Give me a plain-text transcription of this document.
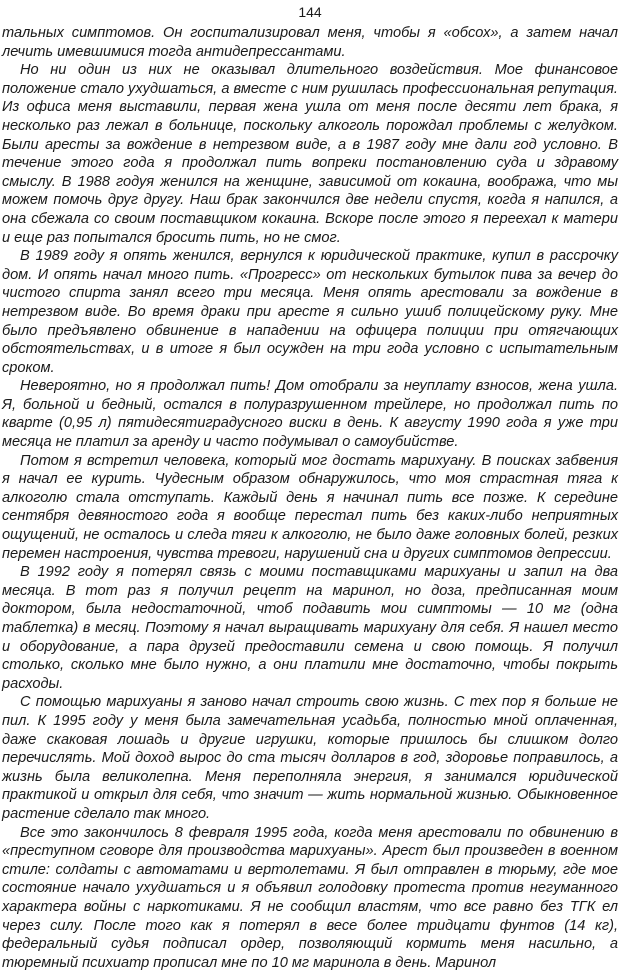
144

тальных симптомов. Он госпитализировал меня, чтобы я «обсох», а затем начал лечить имевшимися тогда антидепрессантами.

Но ни один из них не оказывал длительного воздействия. Мое финансовое положение стало ухудшаться, а вместе с ним рушилась профессиональная репутация. Из офиса меня выставили, первая жена ушла от меня после десяти лет брака, я несколько раз лежал в больнице, поскольку алкоголь порождал проблемы с желудком. Были аресты за вождение в нетрезвом виде, а в 1987 году мне дали год условно. В течение этого года я продолжал пить вопреки постановлению суда и здравому смыслу. В 1988 годуя женился на женщине, зависимой от кокаина, вообража, что мы можем помочь друг другу. Наш брак закончился две недели спустя, когда я напился, а она сбежала со своим поставщиком кокаина. Вскоре после этого я переехал к матери и еще раз попытался бросить пить, но не смог.

В 1989 году я опять женился, вернулся к юридической практике, купил в рассрочку дом. И опять начал много пить. «Прогресс» от нескольких бутылок пива за вечер до чистого спирта занял всего три месяца. Меня опять арестовали за вождение в нетрезвом виде. Во время драки при аресте я сильно ушиб полицейскому руку. Мне было предъявлено обвинение в нападении на офицера полиции при отягчающих обстоятельствах, и в итоге я был осужден на три года условно с испытательным сроком.

Невероятно, но я продолжал пить! Дом отобрали за неуплату взносов, жена ушла. Я, больной и бедный, остался в полуразрушенном трейлере, но продолжал пить по кварте (0,95 л) пятидесятиградусного виски в день. К августу 1990 года я уже три месяца не платил за аренду и часто подумывал о самоубийстве.

Потом я встретил человека, который мог достать марихуану. В поисках забвения я начал ее курить. Чудесным образом обнаружилось, что моя страстная тяга к алкоголю стала отступать. Каждый день я начинал пить все позже. К середине сентября девяностого года я вообще перестал пить без каких-либо неприятных ощущений, не осталось и следа тяги к алкоголю, не было даже головных болей, резких перемен настроения, чувства тревоги, нарушений сна и других симптомов депрессии.

В 1992 году я потерял связь с моими поставщиками марихуаны и запил на два месяца. В тот раз я получил рецепт на маринол, но доза, предписанная моим доктором, была недостаточной, чтоб подавить мои симптомы — 10 мг (одна таблетка) в месяц. Поэтому я начал выращивать марихуану для себя. Я нашел место и оборудование, а пара друзей предоставили семена и свою помощь. Я получил столько, сколько мне было нужно, а они платили мне достаточно, чтобы покрыть расходы.

С помощью марихуаны я заново начал строить свою жизнь. С тех пор я больше не пил. К 1995 году у меня была замечательная усадьба, полностью мной оплаченная, даже скаковая лошадь и другие игрушки, которые пришлось бы слишком долго перечислять. Мой доход вырос до ста тысяч долларов в год, здоровье поправилось, а жизнь была великолепна. Меня переполняла энергия, я занимался юридической практикой и открыл для себя, что значит — жить нормальной жизнью. Обыкновенное растение сделало так много.

Все это закончилось 8 февраля 1995 года, когда меня арестовали по обвинению в «преступном сговоре для производства марихуаны». Арест был произведен в военном стиле: солдаты с автоматами и вертолетами. Я был отправлен в тюрьму, где мое состояние начало ухудшаться и я объявил голодовку протеста против негуманного характера войны с наркотиками. Я не сообщил властям, что все равно без ТГК ел через силу. После того как я потерял в весе более тридцати фунтов (14 кг), федеральный судья подписал ордер, позволяющий кормить меня насильно, а тюремный психиатр прописал мне по 10 мг маринола в день. Маринол
